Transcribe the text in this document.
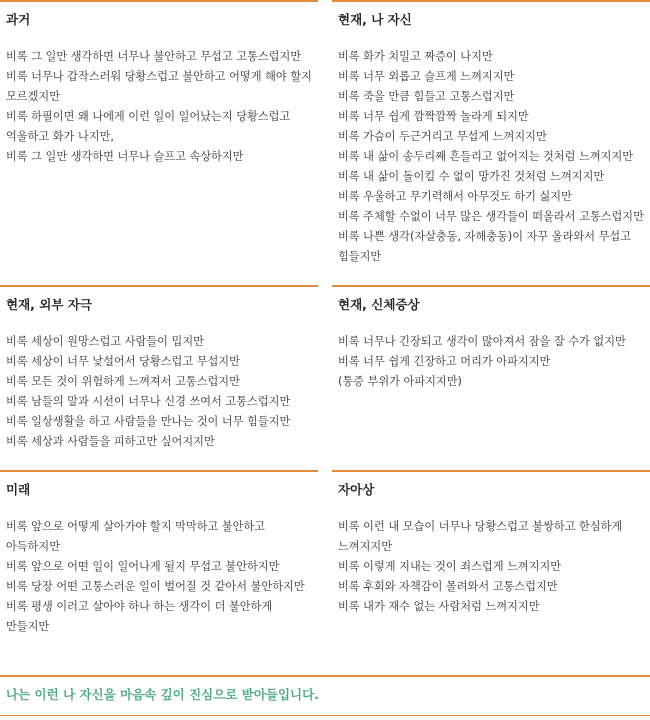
과거
비록 그 일만 생각하면 너무나 불안하고 무섭고 고통스럽지만
비록 너무나 갑작스러워 당황스럽고 불안하고 어떻게 해야 할지 모르겠지만
비록 하필이면 왜 나에게 이런 일이 일어났는지 당황스럽고 억울하고 화가 나지만,
비록 그 일만 생각하면 너무나 슬프고 속상하지만
현재, 나 자신
비록 화가 치밀고 짜증이 나지만
비록 너무 외롭고 슬프게 느껴지지만
비록 죽을 만큼 힘들고 고통스럽지만
비록 너무 쉽게 깜짝깜짝 놀라게 되지만
비록 가슴이 두근거리고 무섭게 느껴지지만
비록 내 삶이 송두리째 흔들리고 없어지는 것처럼 느껴지지만
비록 내 삶이 돌이킬 수 없이 망가진 것처럼 느껴지지만
비록 우울하고 무기력해서 아무것도 하기 싫지만
비록 주체할 수없이 너무 많은 생각들이 떠올라서 고통스럽지만
비록 나쁜 생각(자살충동, 자해충동)이 자꾸 올라와서 무섭고 힘들지만
현재, 외부 자극
비록 세상이 원망스럽고 사람들이 밉지만
비록 세상이 너무 낯설어서 당황스럽고 무섭지만
비록 모든 것이 위험하게 느껴져서 고통스럽지만
비록 남들의 말과 시선이 너무나 신경 쓰여서 고통스럽지만
비록 일상생활을 하고 사람들을 만나는 것이 너무 힘들지만
비록 세상과 사람들을 피하고만 싶어지지만
현재, 신체증상
비록 너무나 긴장되고 생각이 많아져서 잠을 잘 수가 없지만
비록 너무 쉽게 긴장하고 머리가 아파지지만
(통증 부위가 아파지지만)
미래
비록 앞으로 어떻게 살아가야 할지 막막하고 불안하고 아득하지만
비록 앞으로 어떤 일이 일어나게 될지 무섭고 불안하지만
비록 당장 어떤 고통스러운 일이 벌어질 것 같아서 불안하지만
비록 평생 이러고 살아야 하나 하는 생각이 더 불안하게 만들지만
자아상
비록 이런 내 모습이 너무나 당황스럽고 불쌍하고 한심하게 느껴지지만
비록 이렇게 지내는 것이 죄스럽게 느껴지지만
비록 후회와 자책감이 몰려와서 고통스럽지만
비록 내가 재수 없는 사람처럼 느껴지지만
나는 이런 나 자신을 마음속 깊이 진심으로 받아들입니다.
